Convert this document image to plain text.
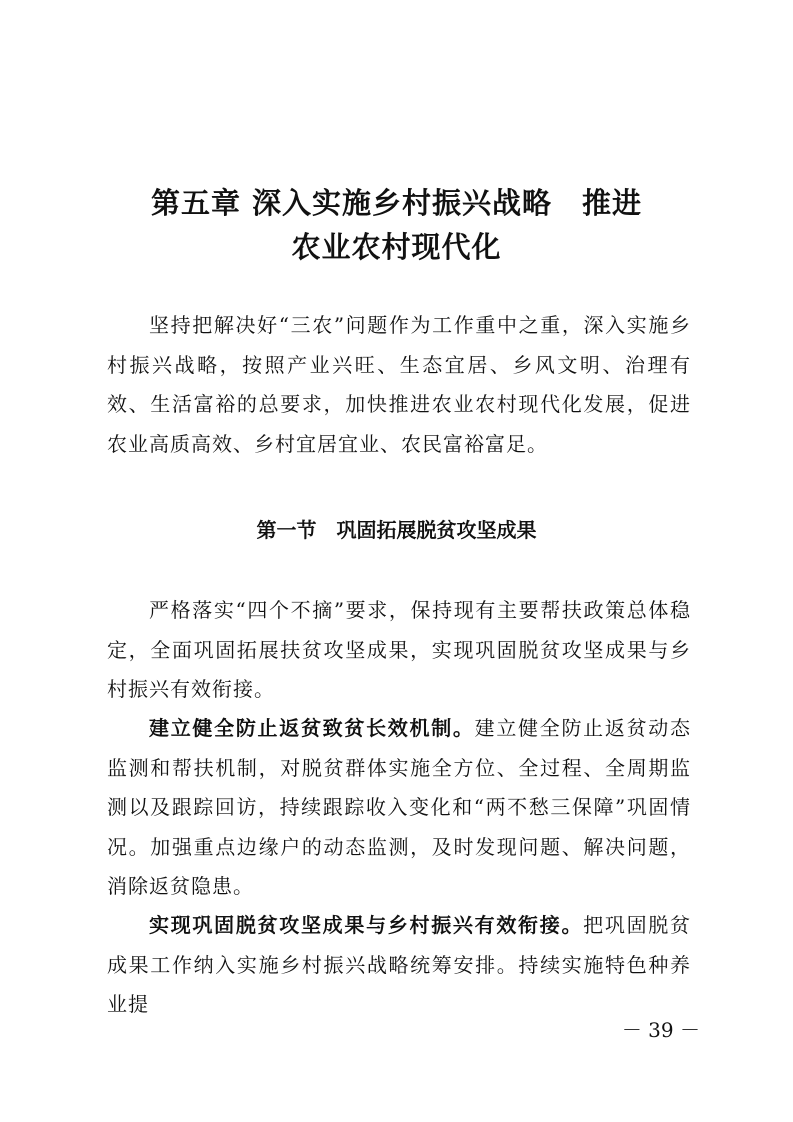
第五章 深入实施乡村振兴战略　推进
农业农村现代化

坚持把解决好“三农”问题作为工作重中之重，深入实施乡村振兴战略，按照产业兴旺、生态宜居、乡风文明、治理有效、生活富裕的总要求，加快推进农业农村现代化发展，促进农业高质高效、乡村宜居宜业、农民富裕富足。

第一节　巩固拓展脱贫攻坚成果

严格落实“四个不摘”要求，保持现有主要帮扶政策总体稳定，全面巩固拓展扶贫攻坚成果，实现巩固脱贫攻坚成果与乡村振兴有效衔接。

建立健全防止返贫致贫长效机制。建立健全防止返贫动态监测和帮扶机制，对脱贫群体实施全方位、全过程、全周期监测以及跟踪回访，持续跟踪收入变化和“两不愁三保障”巩固情况。加强重点边缘户的动态监测，及时发现问题、解决问题，消除返贫隐患。

实现巩固脱贫攻坚成果与乡村振兴有效衔接。把巩固脱贫成果工作纳入实施乡村振兴战略统筹安排。持续实施特色种养业提

－ 39 －
